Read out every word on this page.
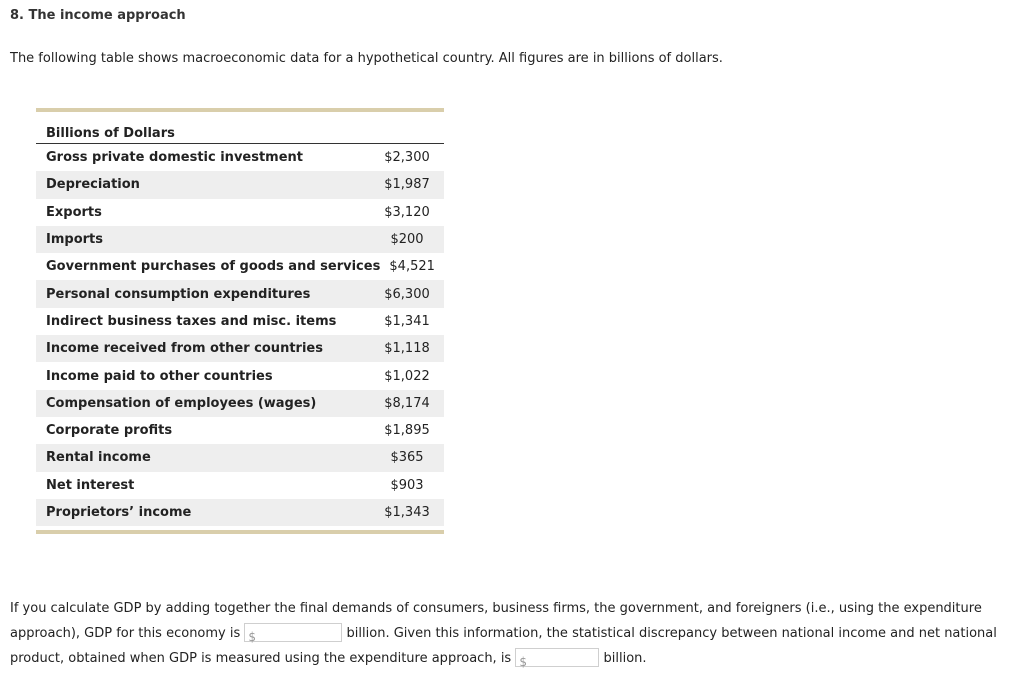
8. The income approach
The following table shows macroeconomic data for a hypothetical country. All figures are in billions of dollars.
Billions of Dollars
Gross private domestic investment	$2,300
Depreciation	$1,987
Exports	$3,120
Imports	$200
Government purchases of goods and services $4,521
Personal consumption expenditures	$6,300
Indirect business taxes and misc. items	$1,341
Income received from other countries	$1,118
Income paid to other countries	$1,022
Compensation of employees (wages)	$8,174
Corporate profits	$1,895
Rental income	$365
Net interest	$903
Proprietors’ income	$1,343
If you calculate GDP by adding together the final demands of consumers, business firms, the government, and foreigners (i.e., using the expenditure approach), GDP for this economy is $	billion. Given this information, the statistical discrepancy between national income and net national product, obtained when GDP is measured using the expenditure approach, is $	billion.
